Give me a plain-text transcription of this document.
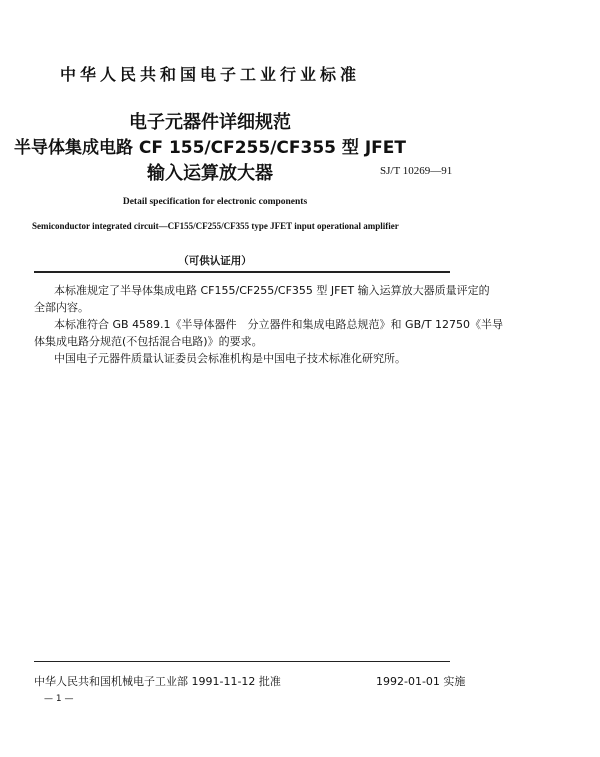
中华人民共和国电子工业行业标准
电子元器件详细规范
半导体集成电路 CF 155/CF255/CF355 型 JFET
输入运算放大器	SJ/T 10269—91
Detail specification for electronic components
Semiconductor integrated circuit—CF155/CF255/CF355 type JFET input operational amplifier
（可供认证用）
本标准规定了半导体集成电路 CF155/CF255/CF355 型 JFET 输入运算放大器质量评定的
全部内容。
本标准符合 GB 4589.1《半导体器件　分立器件和集成电路总规范》和 GB/T 12750《半导
体集成电路分规范(不包括混合电路)》的要求。
中国电子元器件质量认证委员会标准机构是中国电子技术标准化研究所。
中华人民共和国机械电子工业部 1991-11-12 批准	1992-01-01 实施
— 1 —
